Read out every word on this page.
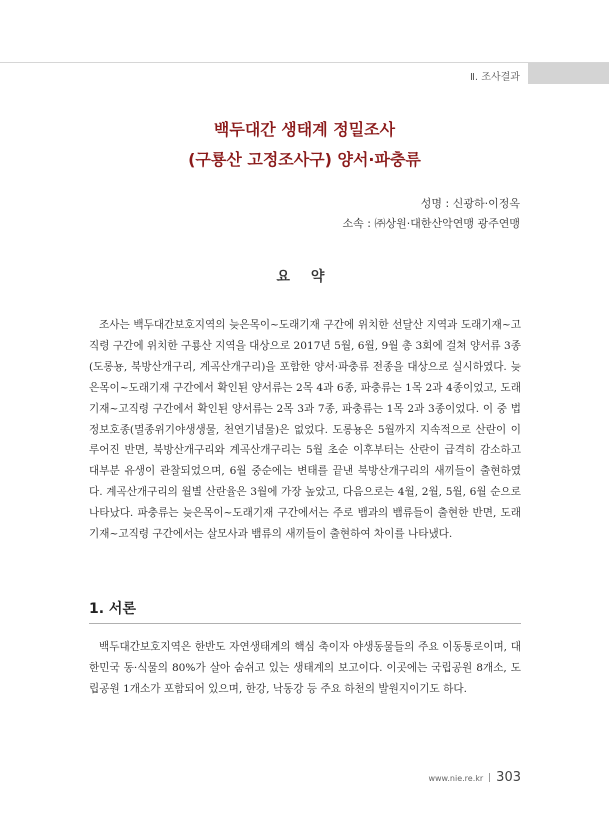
Ⅱ. 조사결과
백두대간 생태계 정밀조사
(구룡산 고정조사구) 양서·파충류
성명 : 신광하·이정옥
소속 : ㈜상원·대한산악연맹 광주연맹
요 약
조사는 백두대간보호지역의 늦은목이~도래기재 구간에 위치한 선달산 지역과 도래기재~고직령 구간에 위치한 구룡산 지역을 대상으로 2017년 5월, 6월, 9월 총 3회에 걸쳐 양서류 3종(도롱뇽, 북방산개구리, 계곡산개구리)을 포함한 양서·파충류 전종을 대상으로 실시하였다. 늦은목이~도래기재 구간에서 확인된 양서류는 2목 4과 6종, 파충류는 1목 2과 4종이었고, 도래기재~고직령 구간에서 확인된 양서류는 2목 3과 7종, 파충류는 1목 2과 3종이었다. 이 중 법정보호종(멸종위기야생생물, 천연기념물)은 없었다. 도롱뇽은 5월까지 지속적으로 산란이 이루어진 반면, 북방산개구리와 계곡산개구리는 5월 초순 이후부터는 산란이 급격히 감소하고 대부분 유생이 관찰되었으며, 6월 중순에는 변태를 끝낸 북방산개구리의 새끼들이 출현하였다. 계곡산개구리의 월별 산란율은 3월에 가장 높았고, 다음으로는 4월, 2월, 5월, 6월 순으로 나타났다. 파충류는 늦은목이~도래기재 구간에서는 주로 뱀과의 뱀류들이 출현한 반면, 도래기재~고직령 구간에서는 살모사과 뱀류의 새끼들이 출현하여 차이를 나타냈다.
1. 서론
백두대간보호지역은 한반도 자연생태계의 핵심 축이자 야생동물들의 주요 이동통로이며, 대한민국 동·식물의 80%가 살아 숨쉬고 있는 생태계의 보고이다. 이곳에는 국립공원 8개소, 도립공원 1개소가 포함되어 있으며, 한강, 낙동강 등 주요 하천의 발원지이기도 하다.
www.nie.re.kr 303
